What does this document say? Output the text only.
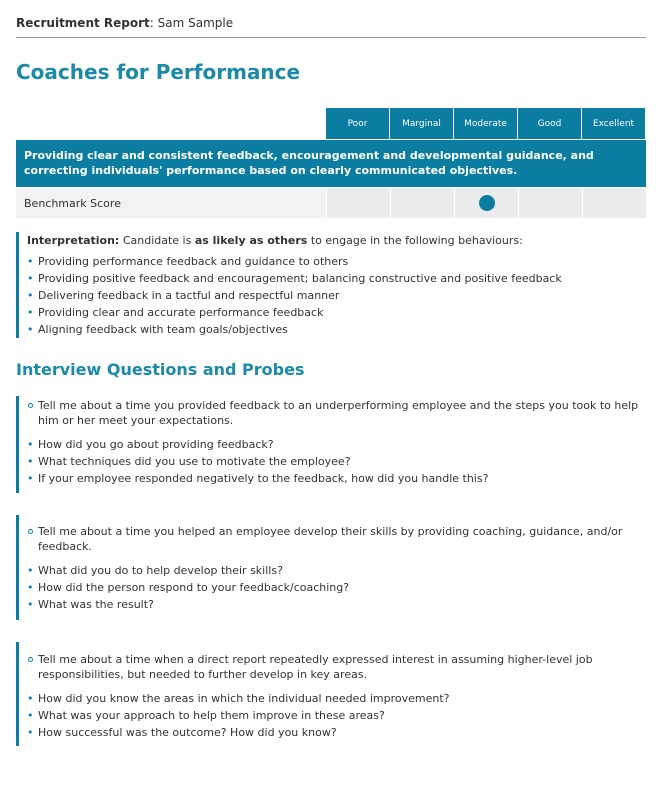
Recruitment Report: Sam Sample
Coaches for Performance
Poor	Marginal	Moderate	Good	Excellent
Providing clear and consistent feedback, encouragement and developmental guidance, and correcting individuals' performance based on clearly communicated objectives.
Benchmark Score
Interpretation: Candidate is as likely as others to engage in the following behaviours:
• Providing performance feedback and guidance to others
• Providing positive feedback and encouragement; balancing constructive and positive feedback
• Delivering feedback in a tactful and respectful manner
• Providing clear and accurate performance feedback
• Aligning feedback with team goals/objectives
Interview Questions and Probes
Tell me about a time you provided feedback to an underperforming employee and the steps you took to help him or her meet your expectations.
• How did you go about providing feedback?
• What techniques did you use to motivate the employee?
• If your employee responded negatively to the feedback, how did you handle this?
Tell me about a time you helped an employee develop their skills by providing coaching, guidance, and/or feedback.
• What did you do to help develop their skills?
• How did the person respond to your feedback/coaching?
• What was the result?
Tell me about a time when a direct report repeatedly expressed interest in assuming higher-level job responsibilities, but needed to further develop in key areas.
• How did you know the areas in which the individual needed improvement?
• What was your approach to help them improve in these areas?
• How successful was the outcome? How did you know?
